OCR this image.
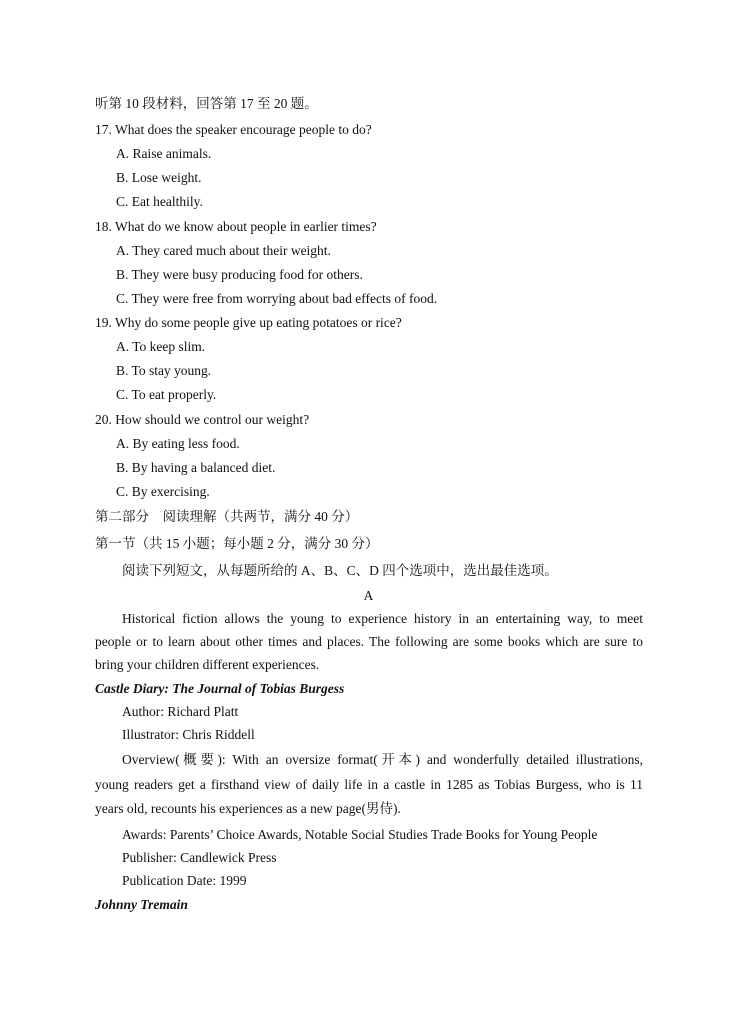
听第 10 段材料，回答第 17 至 20 题。
17. What does the speaker encourage people to do?
A. Raise animals.
B. Lose weight.
C. Eat healthily.
18. What do we know about people in earlier times?
A. They cared much about their weight.
B. They were busy producing food for others.
C. They were free from worrying about bad effects of food.
19. Why do some people give up eating potatoes or rice?
A. To keep slim.
B. To stay young.
C. To eat properly.
20. How should we control our weight?
A. By eating less food.
B. By having a balanced diet.
C. By exercising.
第二部分　阅读理解（共两节，满分 40 分）
第一节（共 15 小题；每小题 2 分，满分 30 分）
阅读下列短文，从每题所给的 A、B、C、D 四个选项中，选出最佳选项。
A
Historical fiction allows the young to experience history in an entertaining way, to meet
people or to learn about other times and places. The following are some books which are sure to
bring your children different experiences.
Castle Diary: The Journal of Tobias Burgess
Author: Richard Platt
Illustrator: Chris Riddell
Overview(概要): With an oversize format(开本) and wonderfully detailed illustrations,
young readers get a firsthand view of daily life in a castle in 1285 as Tobias Burgess, who is 11
years old, recounts his experiences as a new page(男侍).
Awards: Parents’ Choice Awards, Notable Social Studies Trade Books for Young People
Publisher: Candlewick Press
Publication Date: 1999
Johnny Tremain
